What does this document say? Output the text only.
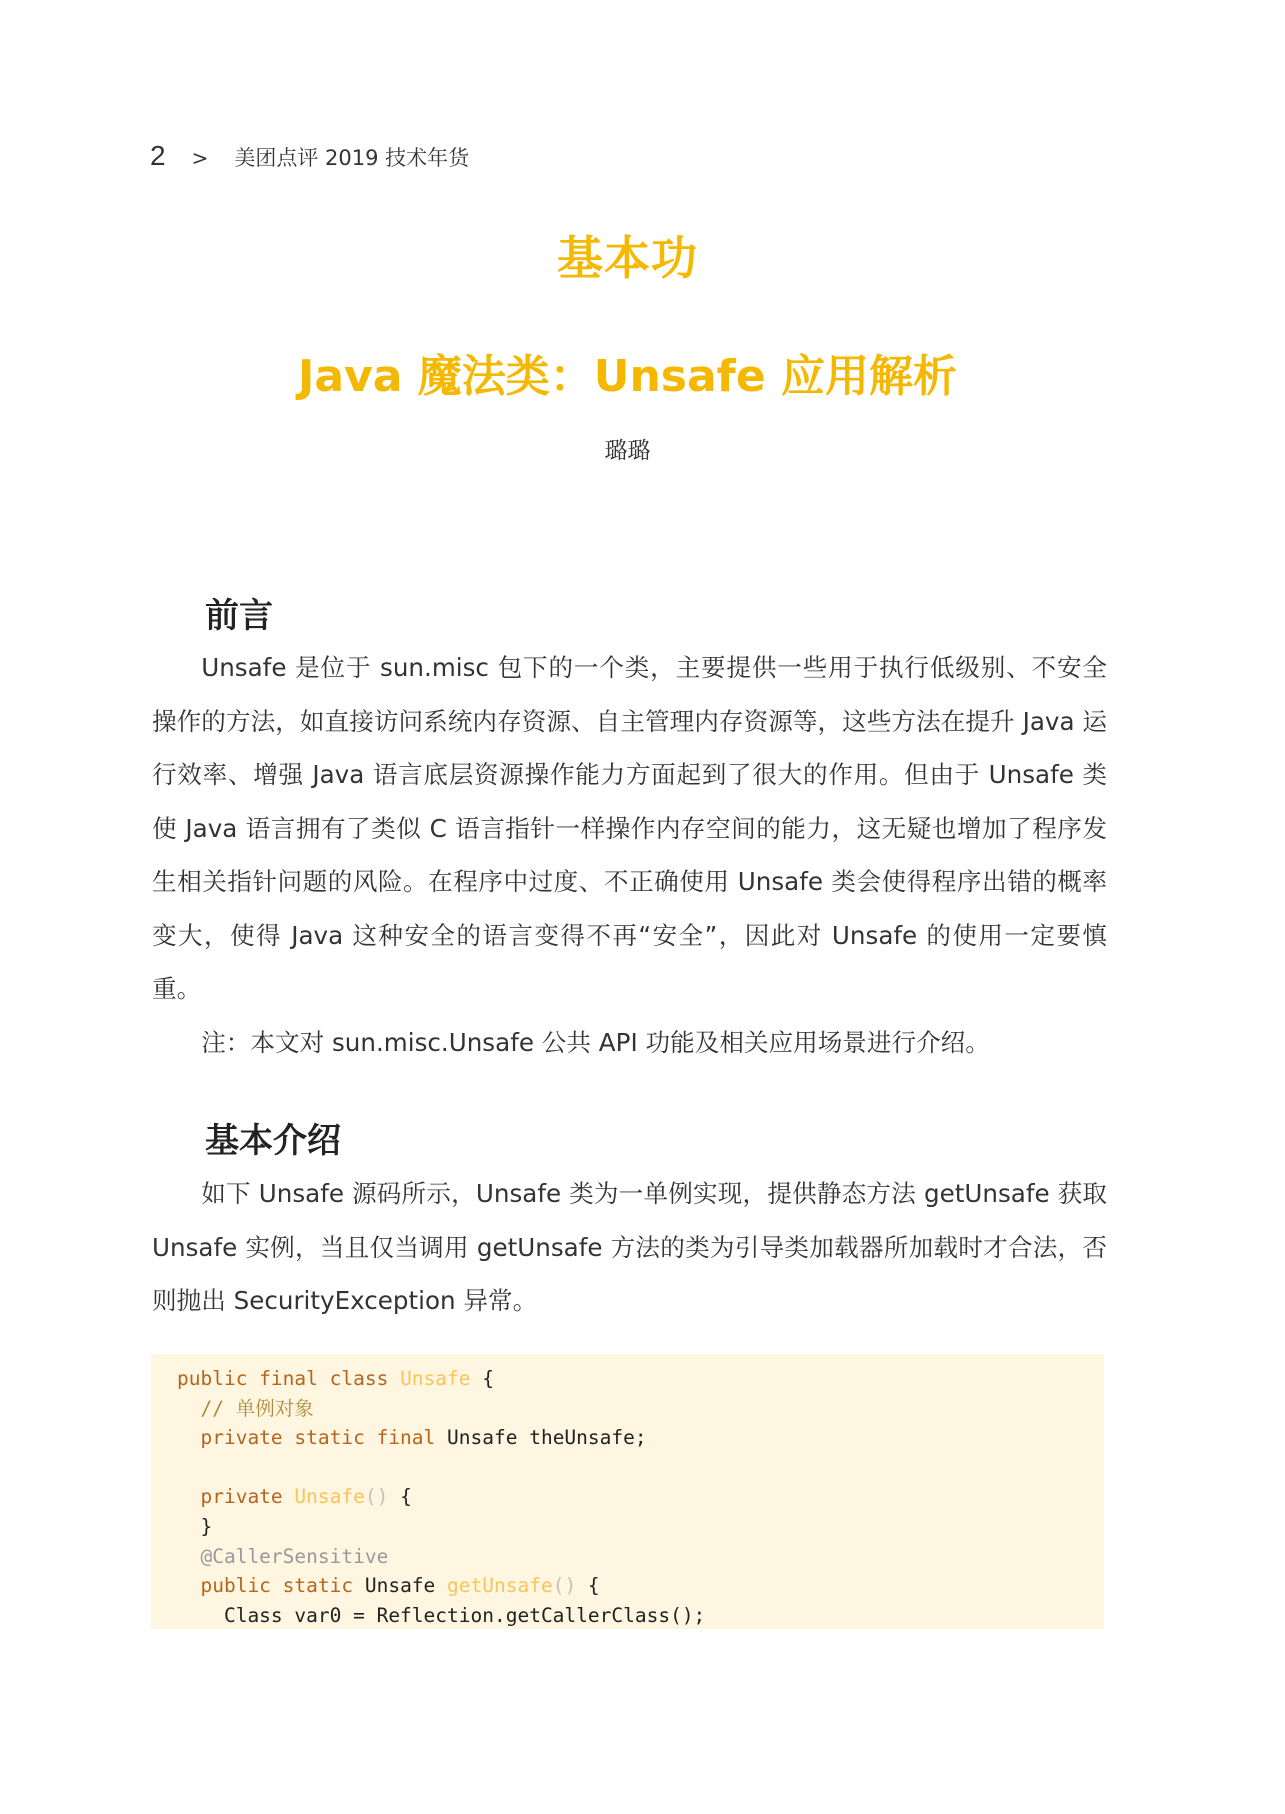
2 > 美团点评 2019 技术年货
基本功
Java 魔法类：Unsafe 应用解析
璐璐
前言

Unsafe 是位于 sun.misc 包下的一个类，主要提供一些用于执行低级别、不安全操作的方法，如直接访问系统内存资源、自主管理内存资源等，这些方法在提升 Java 运行效率、增强 Java 语言底层资源操作能力方面起到了很大的作用。但由于 Unsafe 类使 Java 语言拥有了类似 C 语言指针一样操作内存空间的能力，这无疑也增加了程序发生相关指针问题的风险。在程序中过度、不正确使用 Unsafe 类会使得程序出错的概率变大，使得 Java 这种安全的语言变得不再“安全”，因此对 Unsafe 的使用一定要慎重。

注：本文对 sun.misc.Unsafe 公共 API 功能及相关应用场景进行介绍。

基本介绍

如下 Unsafe 源码所示，Unsafe 类为一单例实现，提供静态方法 getUnsafe 获取 Unsafe 实例，当且仅当调用 getUnsafe 方法的类为引导类加载器所加载时才合法，否则抛出 SecurityException 异常。

public final class Unsafe {
// 单例对象
private static final Unsafe theUnsafe;
private Unsafe() {
}
@CallerSensitive
public static Unsafe getUnsafe() {
Class var0 = Reflection.getCallerClass();
